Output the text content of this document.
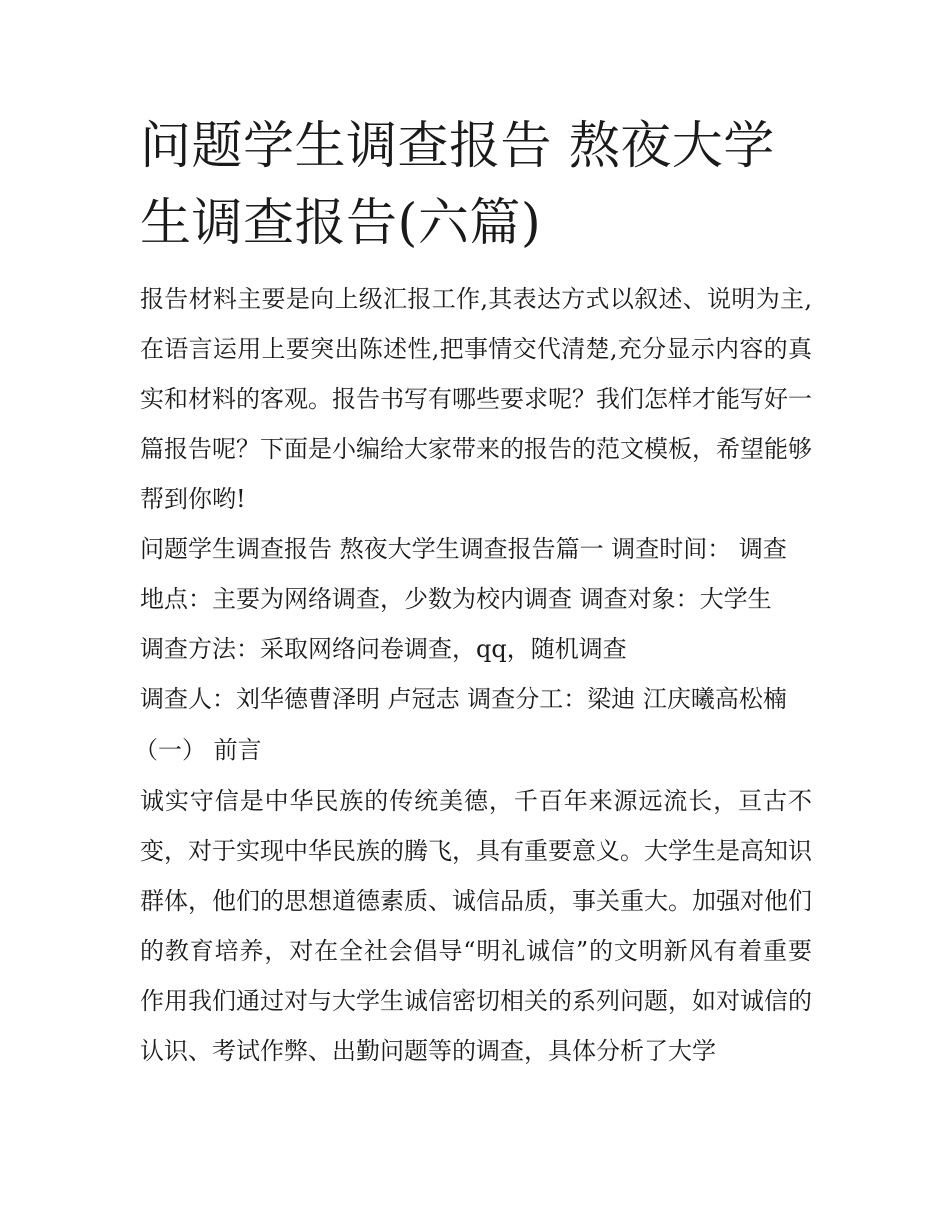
问题学生调查报告 熬夜大学生调查报告(六篇)

报告材料主要是向上级汇报工作,其表达方式以叙述、说明为主,在语言运用上要突出陈述性,把事情交代清楚,充分显示内容的真实和材料的客观。报告书写有哪些要求呢？我们怎样才能写好一篇报告呢？下面是小编给大家带来的报告的范文模板，希望能够帮到你哟!

问题学生调查报告 熬夜大学生调查报告篇一 调查时间： 调查

地点：主要为网络调查，少数为校内调查 调查对象：大学生

调查方法：采取网络问卷调查，qq，随机调查

调查人：刘华德曹泽明 卢冠志 调查分工：梁迪 江庆曦高松楠

（一） 前言

诚实守信是中华民族的传统美德，千百年来源远流长，亘古不变，对于实现中华民族的腾飞，具有重要意义。大学生是高知识群体，他们的思想道德素质、诚信品质，事关重大。加强对他们的教育培养，对在全社会倡导“明礼诚信”的文明新风有着重要作用我们通过对与大学生诚信密切相关的系列问题，如对诚信的认识、考试作弊、出勤问题等的调查，具体分析了大学
